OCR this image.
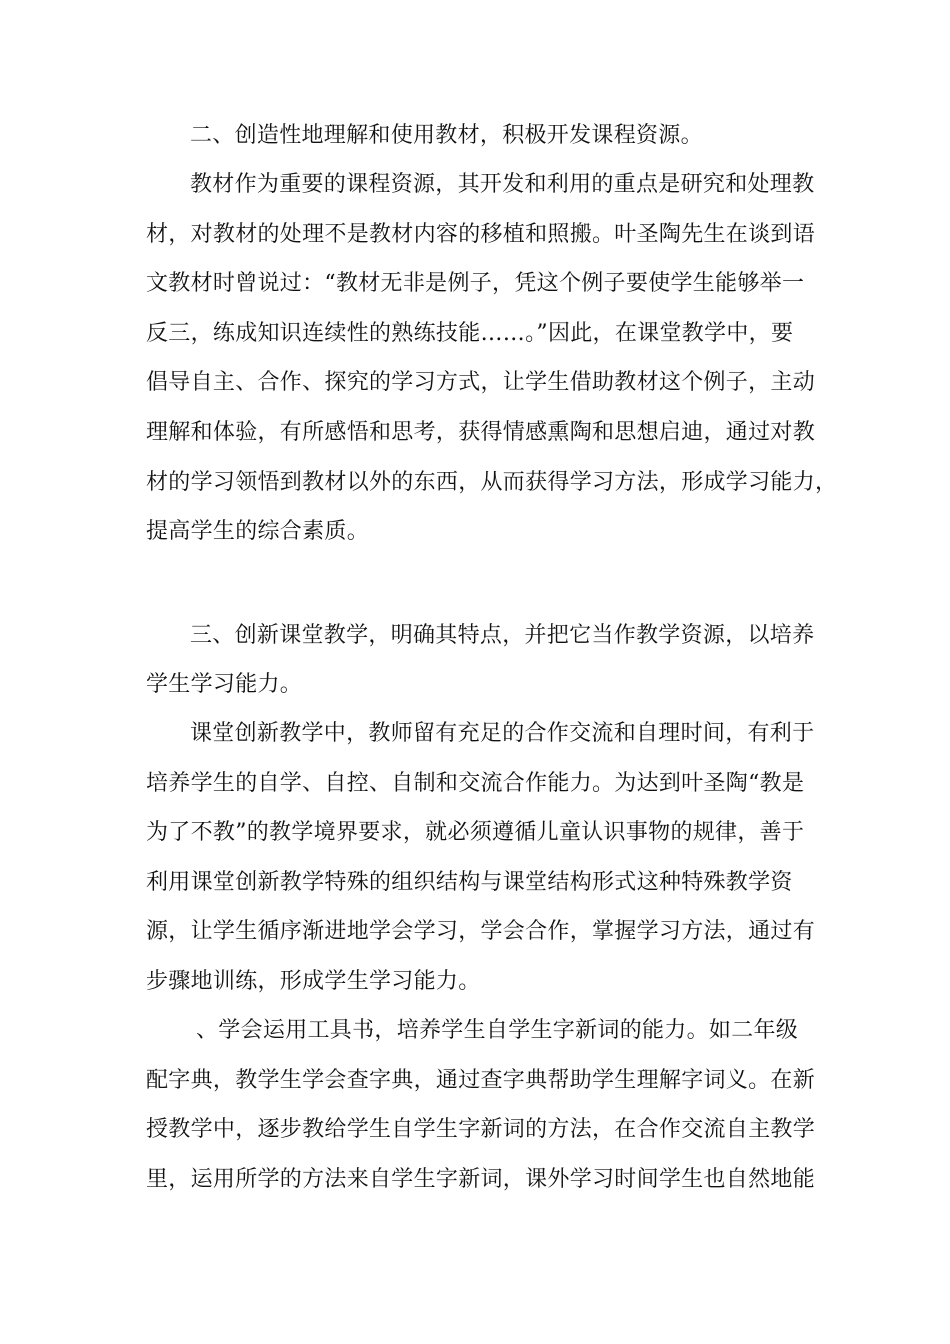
二、创造性地理解和使用教材，积极开发课程资源。
教材作为重要的课程资源，其开发和利用的重点是研究和处理教
材，对教材的处理不是教材内容的移植和照搬。叶圣陶先生在谈到语
文教材时曾说过：“教材无非是例子，凭这个例子要使学生能够举一
反三，练成知识连续性的熟练技能……。”因此，在课堂教学中，要
倡导自主、合作、探究的学习方式，让学生借助教材这个例子，主动
理解和体验，有所感悟和思考，获得情感熏陶和思想启迪，通过对教
材的学习领悟到教材以外的东西，从而获得学习方法，形成学习能力，
提高学生的综合素质。
三、创新课堂教学，明确其特点，并把它当作教学资源，以培养
学生学习能力。
课堂创新教学中，教师留有充足的合作交流和自理时间，有利于
培养学生的自学、自控、自制和交流合作能力。为达到叶圣陶“教是
为了不教”的教学境界要求，就必须遵循儿童认识事物的规律，善于
利用课堂创新教学特殊的组织结构与课堂结构形式这种特殊教学资
源，让学生循序渐进地学会学习，学会合作，掌握学习方法，通过有
步骤地训练，形成学生学习能力。
、学会运用工具书，培养学生自学生字新词的能力。如二年级
配字典，教学生学会查字典，通过查字典帮助学生理解字词义。在新
授教学中，逐步教给学生自学生字新词的方法，在合作交流自主教学
里，运用所学的方法来自学生字新词，课外学习时间学生也自然地能
